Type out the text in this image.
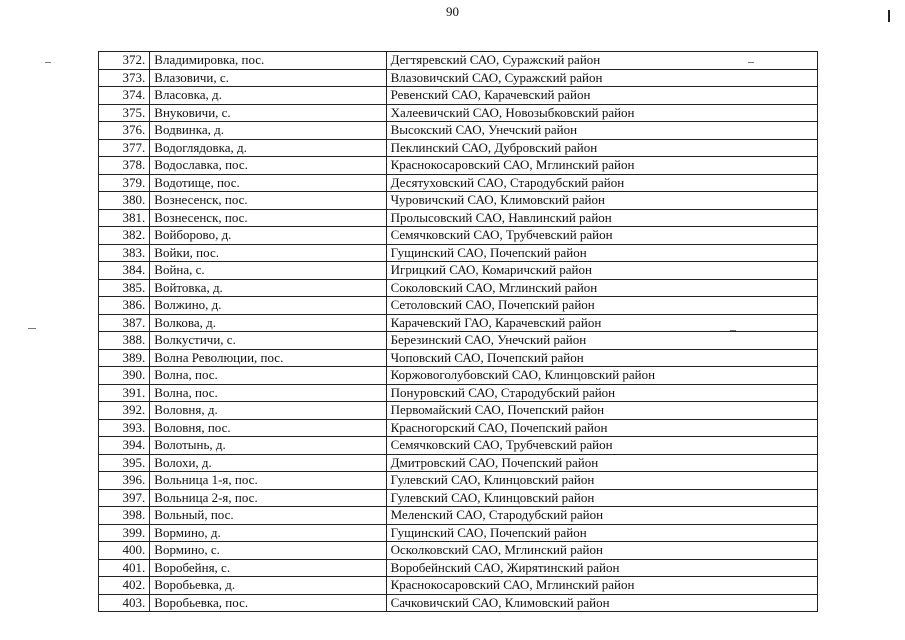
90
372.	Владимировка, пос.	Дегтяревский САО, Суражский район
373.	Влазовичи, с.	Влазовичский САО, Суражский район
374.	Власовка, д.	Ревенский САО, Карачевский район
375.	Внуковичи, с.	Халеевичский САО, Новозыбковский район
376.	Водвинка, д.	Высокский САО, Унечский район
377.	Водоглядовка, д.	Пеклинский САО, Дубровский район
378.	Водославка, пос.	Краснокосаровский САО, Мглинский район
379.	Водотище, пос.	Десятуховский САО, Стародубский район
380.	Вознесенск, пос.	Чуровичский САО, Климовский район
381.	Вознесенск, пос.	Пролысовский САО, Навлинский район
382.	Войборово, д.	Семячковский САО, Трубчевский район
383.	Войки, пос.	Гущинский САО, Почепский район
384.	Война, с.	Игрицкий САО, Комаричский район
385.	Войтовка, д.	Соколовский САО, Мглинский район
386.	Волжино, д.	Сетоловский САО, Почепский район
387.	Волкова, д.	Карачевский ГАО, Карачевский район
388.	Волкустичи, с.	Березинский САО, Унечский район
389.	Волна Революции, пос.	Чоповский САО, Почепский район
390.	Волна, пос.	Коржовоголубовский САО, Клинцовский район
391.	Волна, пос.	Понуровский САО, Стародубский район
392.	Воловня, д.	Первомайский САО, Почепский район
393.	Воловня, пос.	Красногорский САО, Почепский район
394.	Волотынь, д.	Семячковский САО, Трубчевский район
395.	Волохи, д.	Дмитровский САО, Почепский район
396.	Вольница 1-я, пос.	Гулевский САО, Клинцовский район
397.	Вольница 2-я, пос.	Гулевский САО, Клинцовский район
398.	Вольный, пос.	Меленский САО, Стародубский район
399.	Вормино, д.	Гущинский САО, Почепский район
400.	Вормино, с.	Осколковский САО, Мглинский район
401.	Воробейня, с.	Воробейнский САО, Жирятинский район
402.	Воробьевка, д.	Краснокосаровский САО, Мглинский район
403.	Воробьевка, пос.	Сачковичский САО, Климовский район
